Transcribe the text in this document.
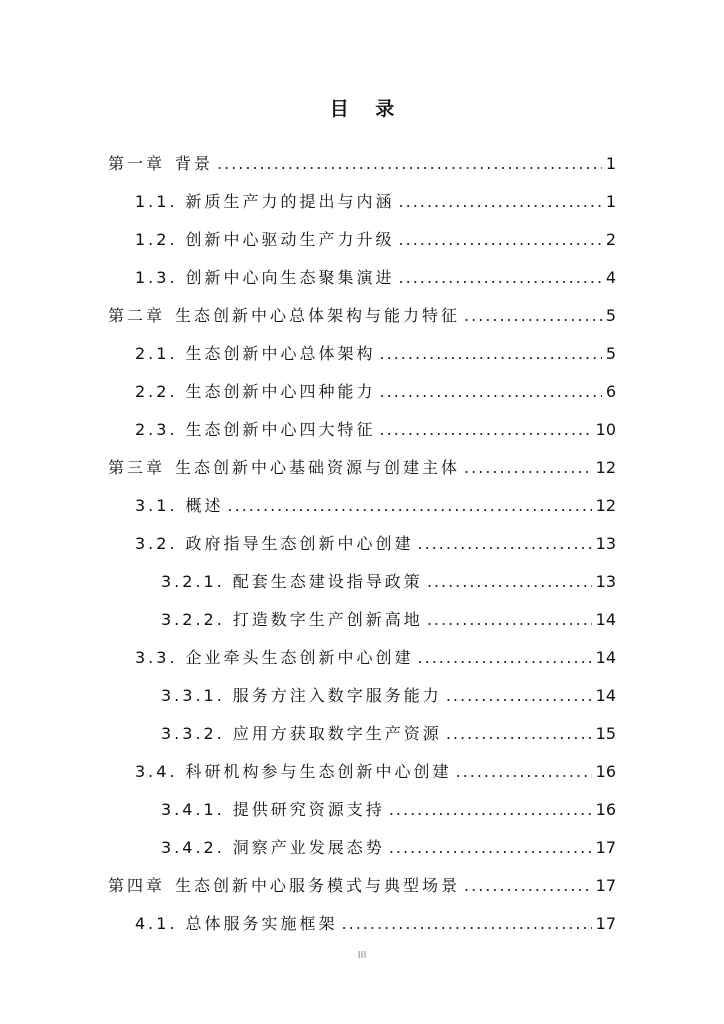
目 录
第一章 背景 .....	1
1.1. 新质生产力的提出与内涵 .....	1
1.2. 创新中心驱动生产力升级 .....	2
1.3. 创新中心向生态聚集演进 .....	4
第二章 生态创新中心总体架构与能力特征 .....	5
2.1. 生态创新中心总体架构 .....	5
2.2. 生态创新中心四种能力 .....	6
2.3. 生态创新中心四大特征 .....	10
第三章 生态创新中心基础资源与创建主体 .....	12
3.1. 概述 .....	12
3.2. 政府指导生态创新中心创建 .....	13
3.2.1. 配套生态建设指导政策 .....	13
3.2.2. 打造数字生产创新高地 .....	14
3.3. 企业牵头生态创新中心创建 .....	14
3.3.1. 服务方注入数字服务能力 .....	14
3.3.2. 应用方获取数字生产资源 .....	15
3.4. 科研机构参与生态创新中心创建 .....	16
3.4.1. 提供研究资源支持 .....	16
3.4.2. 洞察产业发展态势 .....	17
第四章 生态创新中心服务模式与典型场景 .....	17
4.1. 总体服务实施框架 .....	17
III
